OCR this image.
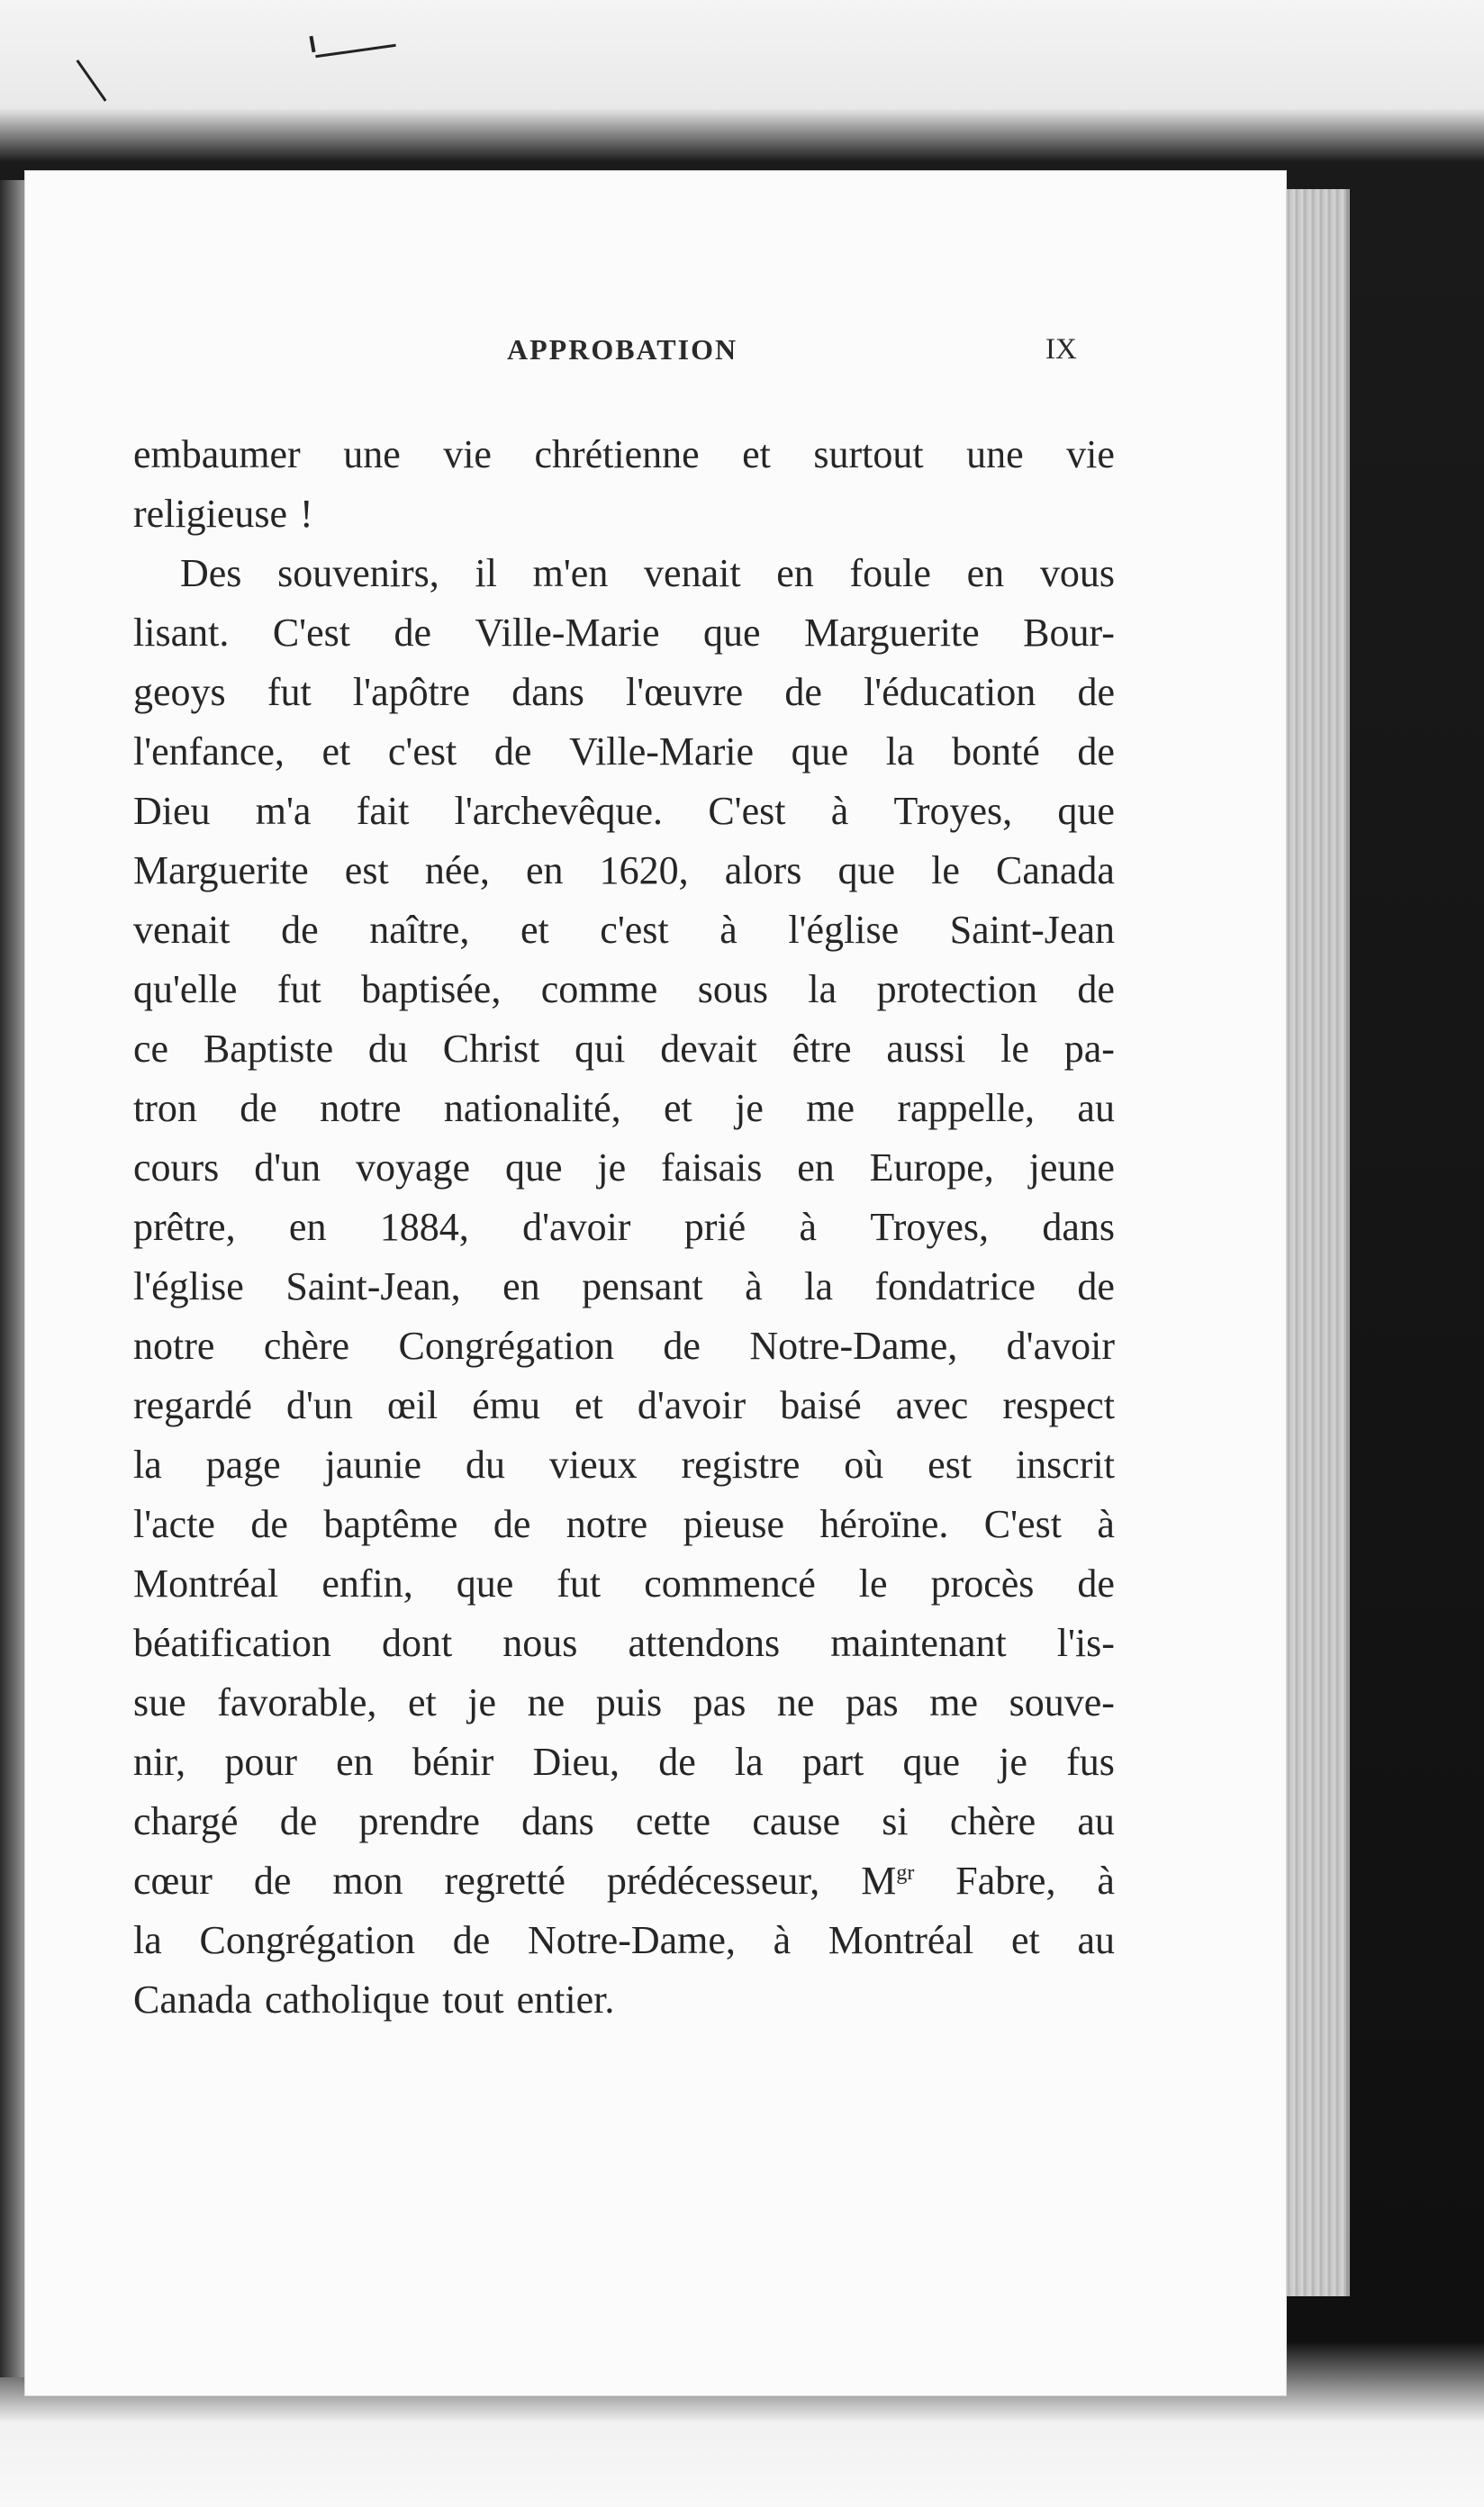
APPROBATION	IX
embaumer une vie chrétienne et surtout une vie
religieuse !
Des souvenirs, il m'en venait en foule en vous
lisant. C'est de Ville-Marie que Marguerite Bour-
geoys fut l'apôtre dans l'œuvre de l'éducation de
l'enfance, et c'est de Ville-Marie que la bonté de
Dieu m'a fait l'archevêque. C'est à Troyes, que
Marguerite est née, en 1620, alors que le Canada
venait de naître, et c'est à l'église Saint-Jean
qu'elle fut baptisée, comme sous la protection de
ce Baptiste du Christ qui devait être aussi le pa-
tron de notre nationalité, et je me rappelle, au
cours d'un voyage que je faisais en Europe, jeune
prêtre, en 1884, d'avoir prié à Troyes, dans
l'église Saint-Jean, en pensant à la fondatrice de
notre chère Congrégation de Notre-Dame, d'avoir
regardé d'un œil ému et d'avoir baisé avec respect
la page jaunie du vieux registre où est inscrit
l'acte de baptême de notre pieuse héroïne. C'est à
Montréal enfin, que fut commencé le procès de
béatification dont nous attendons maintenant l'is-
sue favorable, et je ne puis pas ne pas me souve-
nir, pour en bénir Dieu, de la part que je fus
chargé de prendre dans cette cause si chère au
cœur de mon regretté prédécesseur, $M^{gr}$ Fabre, à
la Congrégation de Notre-Dame, à Montréal et au
Canada catholique tout entier.
